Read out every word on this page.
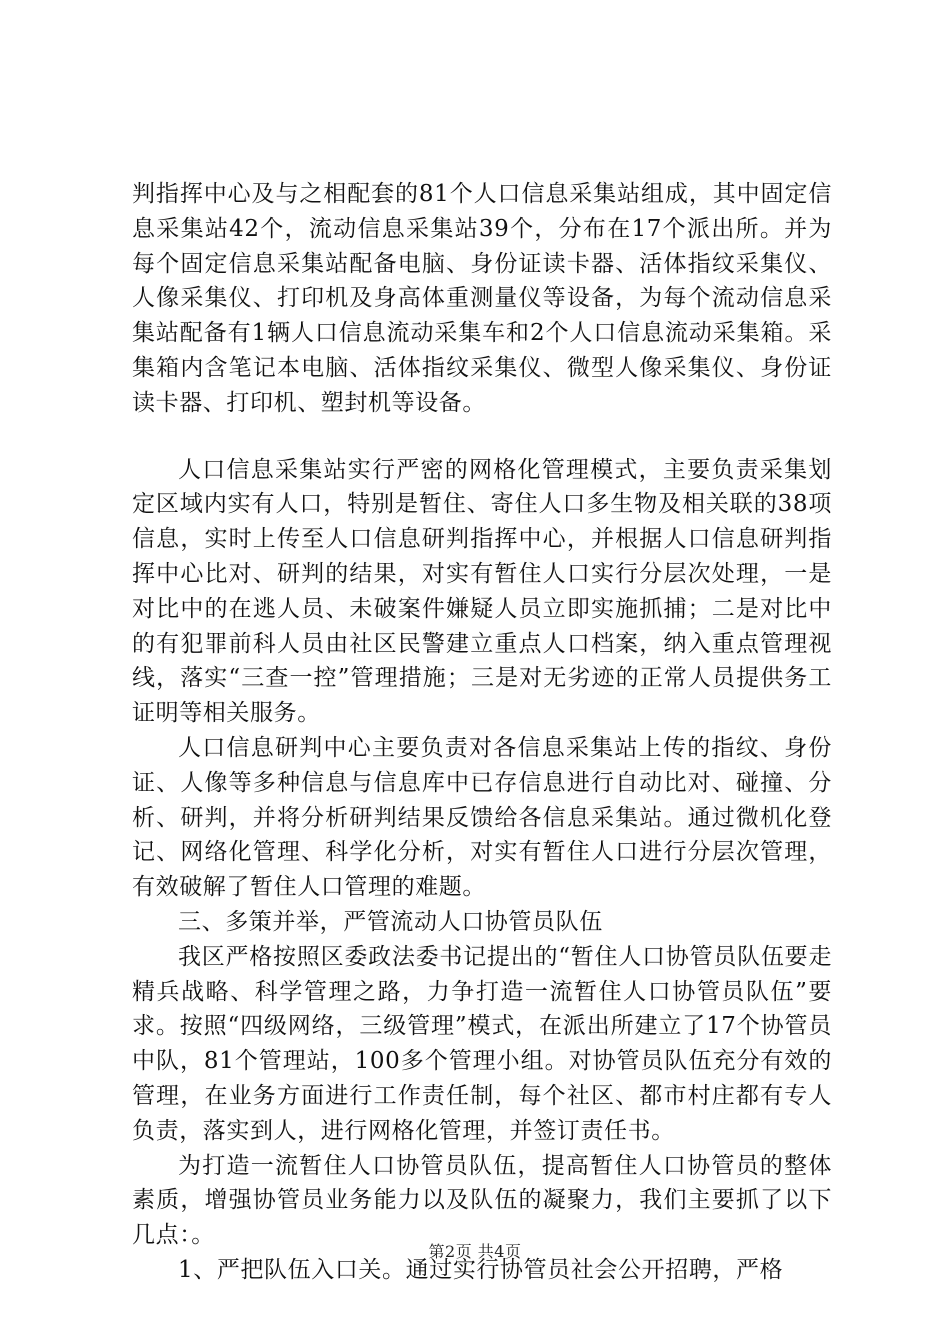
判指挥中心及与之相配套的81个人口信息采集站组成，其中固定信息采集站42个，流动信息采集站39个，分布在17个派出所。并为每个固定信息采集站配备电脑、身份证读卡器、活体指纹采集仪、人像采集仪、打印机及身高体重测量仪等设备，为每个流动信息采集站配备有1辆人口信息流动采集车和2个人口信息流动采集箱。采集箱内含笔记本电脑、活体指纹采集仪、微型人像采集仪、身份证读卡器、打印机、塑封机等设备。

人口信息采集站实行严密的网格化管理模式，主要负责采集划定区域内实有人口，特别是暂住、寄住人口多生物及相关联的38项信息，实时上传至人口信息研判指挥中心，并根据人口信息研判指挥中心比对、研判的结果，对实有暂住人口实行分层次处理，一是对比中的在逃人员、未破案件嫌疑人员立即实施抓捕；二是对比中的有犯罪前科人员由社区民警建立重点人口档案，纳入重点管理视线，落实“三查一控”管理措施；三是对无劣迹的正常人员提供务工证明等相关服务。

人口信息研判中心主要负责对各信息采集站上传的指纹、身份证、人像等多种信息与信息库中已存信息进行自动比对、碰撞、分析、研判，并将分析研判结果反馈给各信息采集站。通过微机化登记、网络化管理、科学化分析，对实有暂住人口进行分层次管理，有效破解了暂住人口管理的难题。

三、多策并举，严管流动人口协管员队伍

我区严格按照区委政法委书记提出的“暂住人口协管员队伍要走精兵战略、科学管理之路，力争打造一流暂住人口协管员队伍”要求。按照“四级网络，三级管理”模式，在派出所建立了17个协管员中队，81个管理站，100多个管理小组。对协管员队伍充分有效的管理，在业务方面进行工作责任制，每个社区、都市村庄都有专人负责，落实到人，进行网格化管理，并签订责任书。

为打造一流暂住人口协管员队伍，提高暂住人口协管员的整体素质，增强协管员业务能力以及队伍的凝聚力，我们主要抓了以下几点：。

1、严把队伍入口关。通过实行协管员社会公开招聘，严格

第2页 共4页
